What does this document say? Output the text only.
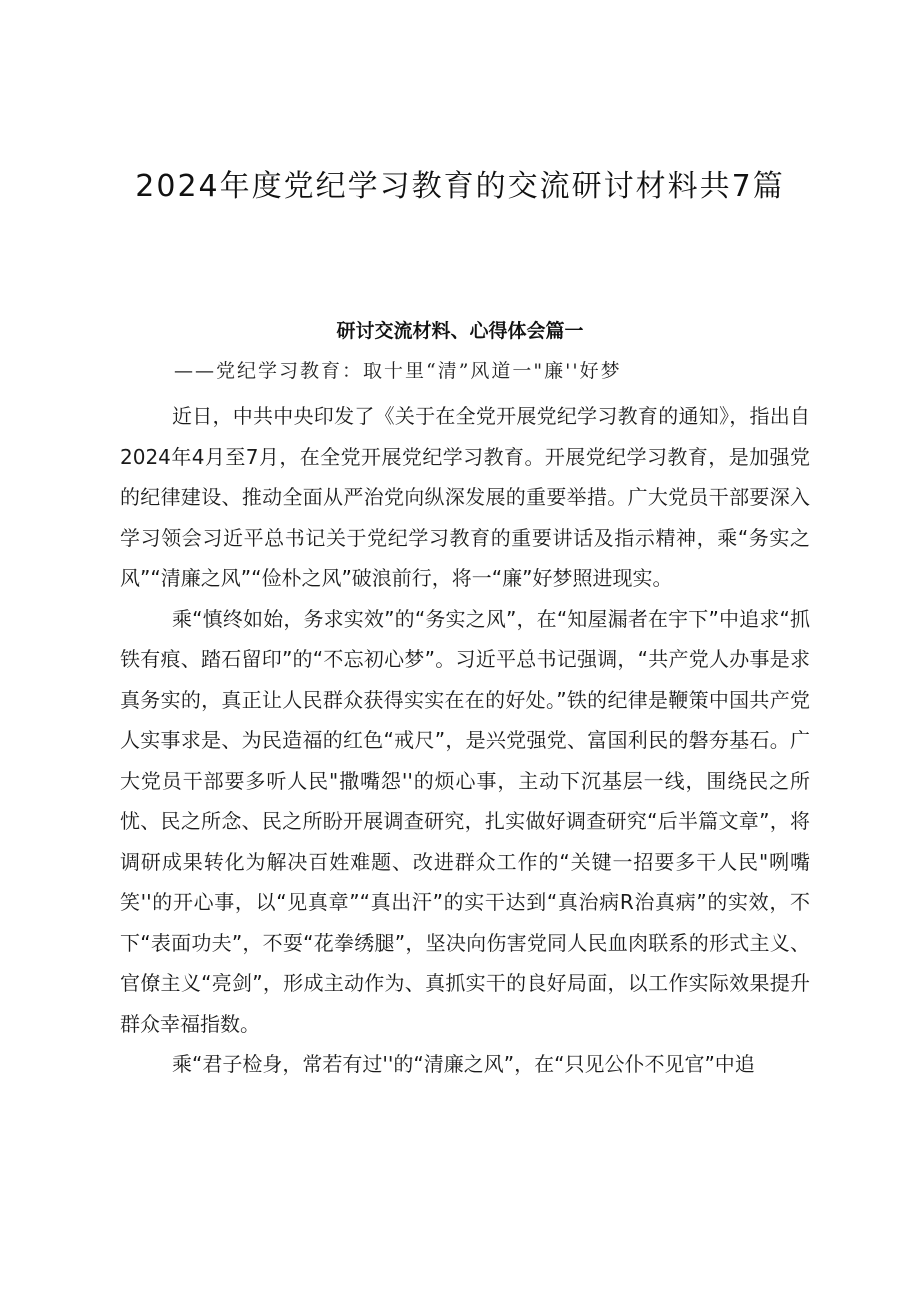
2024年度党纪学习教育的交流研讨材料共7篇
研讨交流材料、心得体会篇一

——党纪学习教育：取十里“清”风道一"廉''好梦

近日，中共中央印发了《关于在全党开展党纪学习教育的通知》，指出自2024年4月至7月，在全党开展党纪学习教育。开展党纪学习教育，是加强党的纪律建设、推动全面从严治党向纵深发展的重要举措。广大党员干部要深入学习领会习近平总书记关于党纪学习教育的重要讲话及指示精神，乘“务实之风”“清廉之风”“俭朴之风”破浪前行，将一“廉”好梦照进现实。

乘“慎终如始，务求实效”的“务实之风”，在“知屋漏者在宇下”中追求“抓铁有痕、踏石留印”的“不忘初心梦”。习近平总书记强调，“共产党人办事是求真务实的，真正让人民群众获得实实在在的好处。”铁的纪律是鞭策中国共产党人实事求是、为民造福的红色“戒尺”，是兴党强党、富国利民的磐夯基石。广大党员干部要多听人民"撒嘴怨''的烦心事，主动下沉基层一线，围绕民之所忧、民之所念、民之所盼开展调查研究，扎实做好调查研究“后半篇文章”，将调研成果转化为解决百姓难题、改进群众工作的“关键一招要多干人民"咧嘴笑''的开心事，以“见真章”“真出汗”的实干达到“真治病R治真病”的实效，不下“表面功夫”，不耍“花拳绣腿”，坚决向伤害党同人民血肉联系的形式主义、官僚主义“亮剑”，形成主动作为、真抓实干的良好局面，以工作实际效果提升群众幸福指数。

乘“君子检身，常若有过''的“清廉之风”，在“只见公仆不见官”中追
